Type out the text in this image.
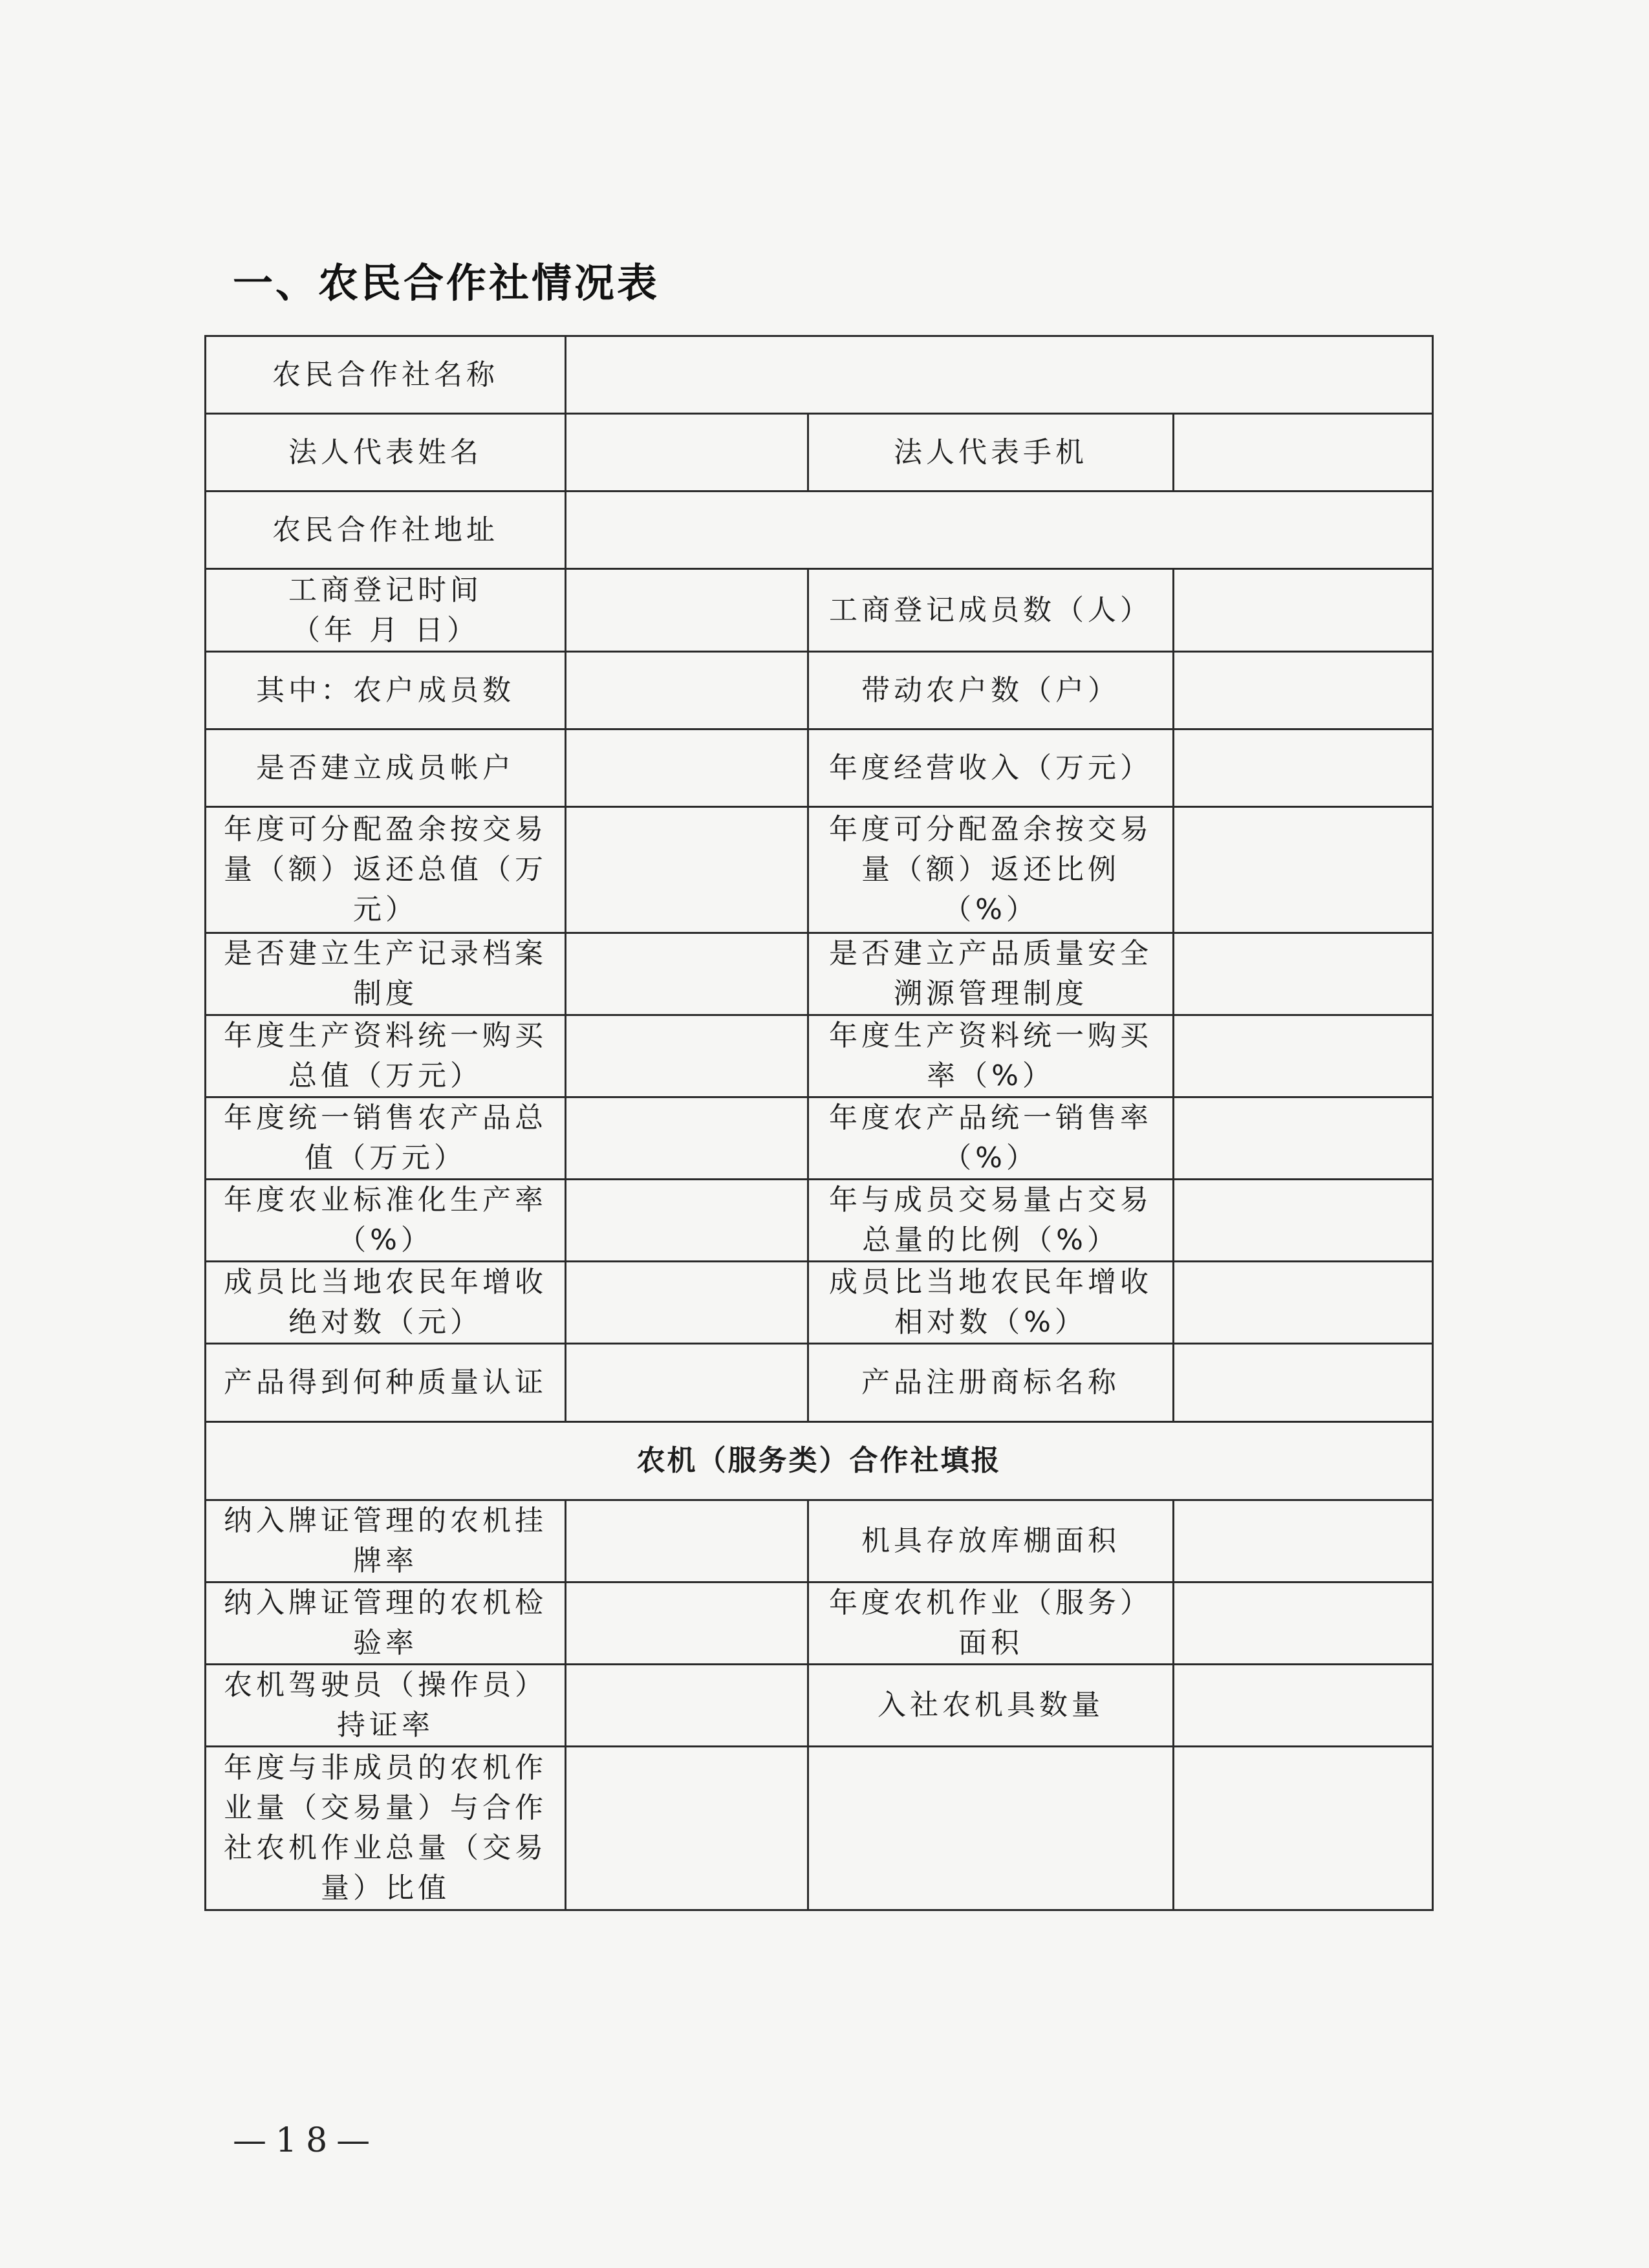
一、农民合作社情况表
农民合作社名称			
法人代表姓名		法人代表手机	
农民合作社地址			
工商登记时间
（年 月 日）		工商登记成员数（人）	
其中：农户成员数		带动农户数（户）	
是否建立成员帐户		年度经营收入（万元）	
年度可分配盈余按交易量（额）返还总值（万元）		年度可分配盈余按交易量（额）返还比例（%）	
是否建立生产记录档案制度		是否建立产品质量安全溯源管理制度	
年度生产资料统一购买总值（万元）		年度生产资料统一购买率（%）	
年度统一销售农产品总值（万元）		年度农产品统一销售率（%）	
年度农业标准化生产率（%）		年与成员交易量占交易总量的比例（%）	
成员比当地农民年增收绝对数（元）		成员比当地农民年增收相对数（%）	
产品得到何种质量认证		产品注册商标名称	
农机（服务类）合作社填报			
纳入牌证管理的农机挂牌率		机具存放库棚面积	
纳入牌证管理的农机检验率		年度农机作业（服务）面积	
农机驾驶员（操作员）持证率		入社农机具数量	
年度与非成员的农机作业量（交易量）与合作社农机作业总量（交易量）比值			
—18—
